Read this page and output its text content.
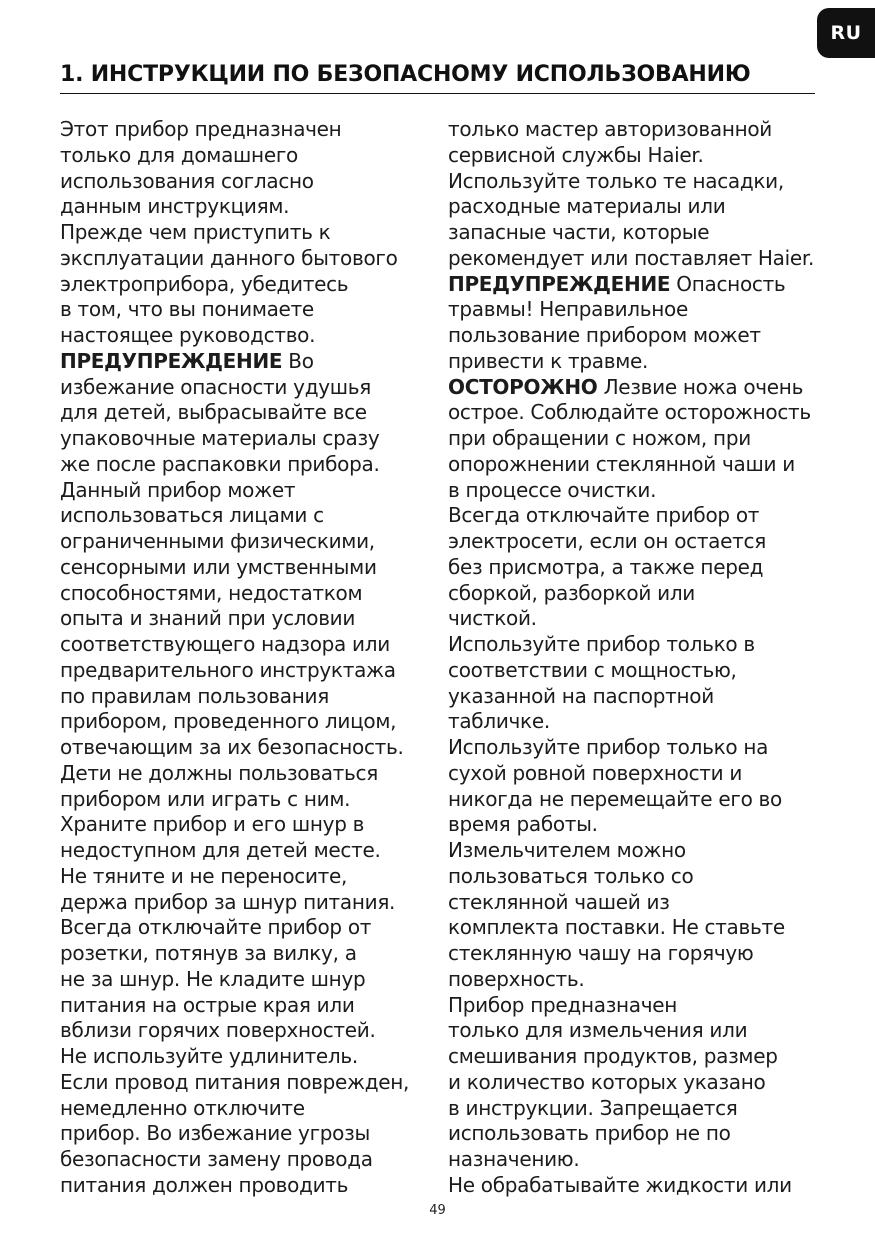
RU
1. ИНСТРУКЦИИ ПО БЕЗОПАСНОМУ ИСПОЛЬЗОВАНИЮ
Этот прибор предназначен
только для домашнего
использования согласно
данным инструкциям.
Прежде чем приступить к
эксплуатации данного бытового
электроприбора, убедитесь
в том, что вы понимаете
настоящее руководство.
ПРЕДУПРЕЖДЕНИЕ Во
избежание опасности удушья
для детей, выбрасывайте все
упаковочные материалы сразу
же после распаковки прибора.
Данный прибор может
использоваться лицами с
ограниченными физическими,
сенсорными или умственными
способностями, недостатком
опыта и знаний при условии
соответствующего надзора или
предварительного инструктажа
по правилам пользования
прибором, проведенного лицом,
отвечающим за их безопасность.
Дети не должны пользоваться
прибором или играть с ним.
Храните прибор и его шнур в
недоступном для детей месте.
Не тяните и не переносите,
держа прибор за шнур питания.
Всегда отключайте прибор от
розетки, потянув за вилку, а
не за шнур. Не кладите шнур
питания на острые края или
вблизи горячих поверхностей.
Не используйте удлинитель.
Если провод питания поврежден,
немедленно отключите
прибор. Во избежание угрозы
безопасности замену провода
питания должен проводить
только мастер авторизованной
сервисной службы Haier.
Используйте только те насадки,
расходные материалы или
запасные части, которые
рекомендует или поставляет Haier.
ПРЕДУПРЕЖДЕНИЕ Опасность
травмы! Неправильное
пользование прибором может
привести к травме.
ОСТОРОЖНО Лезвие ножа очень
острое. Соблюдайте осторожность
при обращении с ножом, при
опорожнении стеклянной чаши и
в процессе очистки.
Всегда отключайте прибор от
электросети, если он остается
без присмотра, а также перед
сборкой, разборкой или
чисткой.
Используйте прибор только в
соответствии с мощностью,
указанной на паспортной
табличке.
Используйте прибор только на
сухой ровной поверхности и
никогда не перемещайте его во
время работы.
Измельчителем можно
пользоваться только со
стеклянной чашей из
комплекта поставки. Не ставьте
стеклянную чашу на горячую
поверхность.
Прибор предназначен
только для измельчения или
смешивания продуктов, размер
и количество которых указано
в инструкции. Запрещается
использовать прибор не по
назначению.
Не обрабатывайте жидкости или
49
